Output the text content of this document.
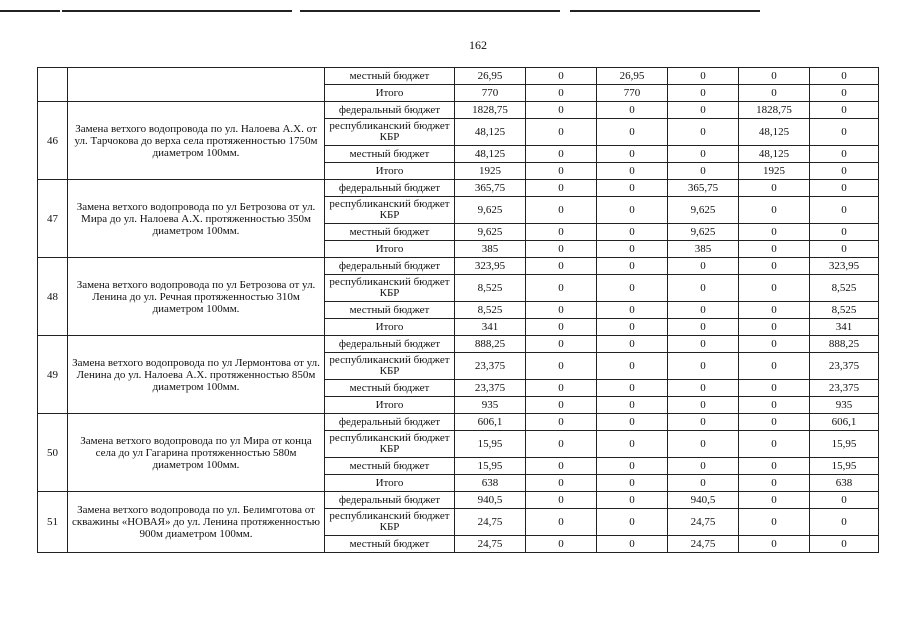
162
		местный бюджет	26,95	0	26,95	0	0	0
		Итого	770	0	770	0	0	0
46	Замена ветхого водопровода по ул. Налоева А.Х. от ул. Тарчокова до верха села протяженностью 1750м диаметром 100мм.	федеральный бюджет	1828,75	0	0	0	1828,75	0
		республиканский бюджет КБР	48,125	0	0	0	48,125	0
		местный бюджет	48,125	0	0	0	48,125	0
		Итого	1925	0	0	0	1925	0
47	Замена ветхого водопровода по ул Бетрозова от ул. Мира до ул. Налоева А.Х. протяженностью 350м диаметром 100мм.	федеральный бюджет	365,75	0	0	365,75	0	0
		республиканский бюджет КБР	9,625	0	0	9,625	0	0
		местный бюджет	9,625	0	0	9,625	0	0
		Итого	385	0	0	385	0	0
48	Замена ветхого водопровода по ул Бетрозова от ул. Ленина до ул. Речная протяженностью 310м диаметром 100мм.	федеральный бюджет	323,95	0	0	0	0	323,95
		республиканский бюджет КБР	8,525	0	0	0	0	8,525
		местный бюджет	8,525	0	0	0	0	8,525
		Итого	341	0	0	0	0	341
49	Замена ветхого водопровода по ул Лермонтова от ул. Ленина до ул. Налоева А.Х. протяженностью 850м диаметром 100мм.	федеральный бюджет	888,25	0	0	0	0	888,25
		республиканский бюджет КБР	23,375	0	0	0	0	23,375
		местный бюджет	23,375	0	0	0	0	23,375
		Итого	935	0	0	0	0	935
50	Замена ветхого водопровода по ул Мира от конца села до ул Гагарина протяженностью 580м диаметром 100мм.	федеральный бюджет	606,1	0	0	0	0	606,1
		республиканский бюджет КБР	15,95	0	0	0	0	15,95
		местный бюджет	15,95	0	0	0	0	15,95
		Итого	638	0	0	0	0	638
51	Замена ветхого водопровода по ул. Белимготова от скважины «НОВАЯ» до ул. Ленина протяженностью 900м диаметром 100мм.	федеральный бюджет	940,5	0	0	940,5	0	0
		республиканский бюджет КБР	24,75	0	0	24,75	0	0
		местный бюджет	24,75	0	0	24,75	0	0
